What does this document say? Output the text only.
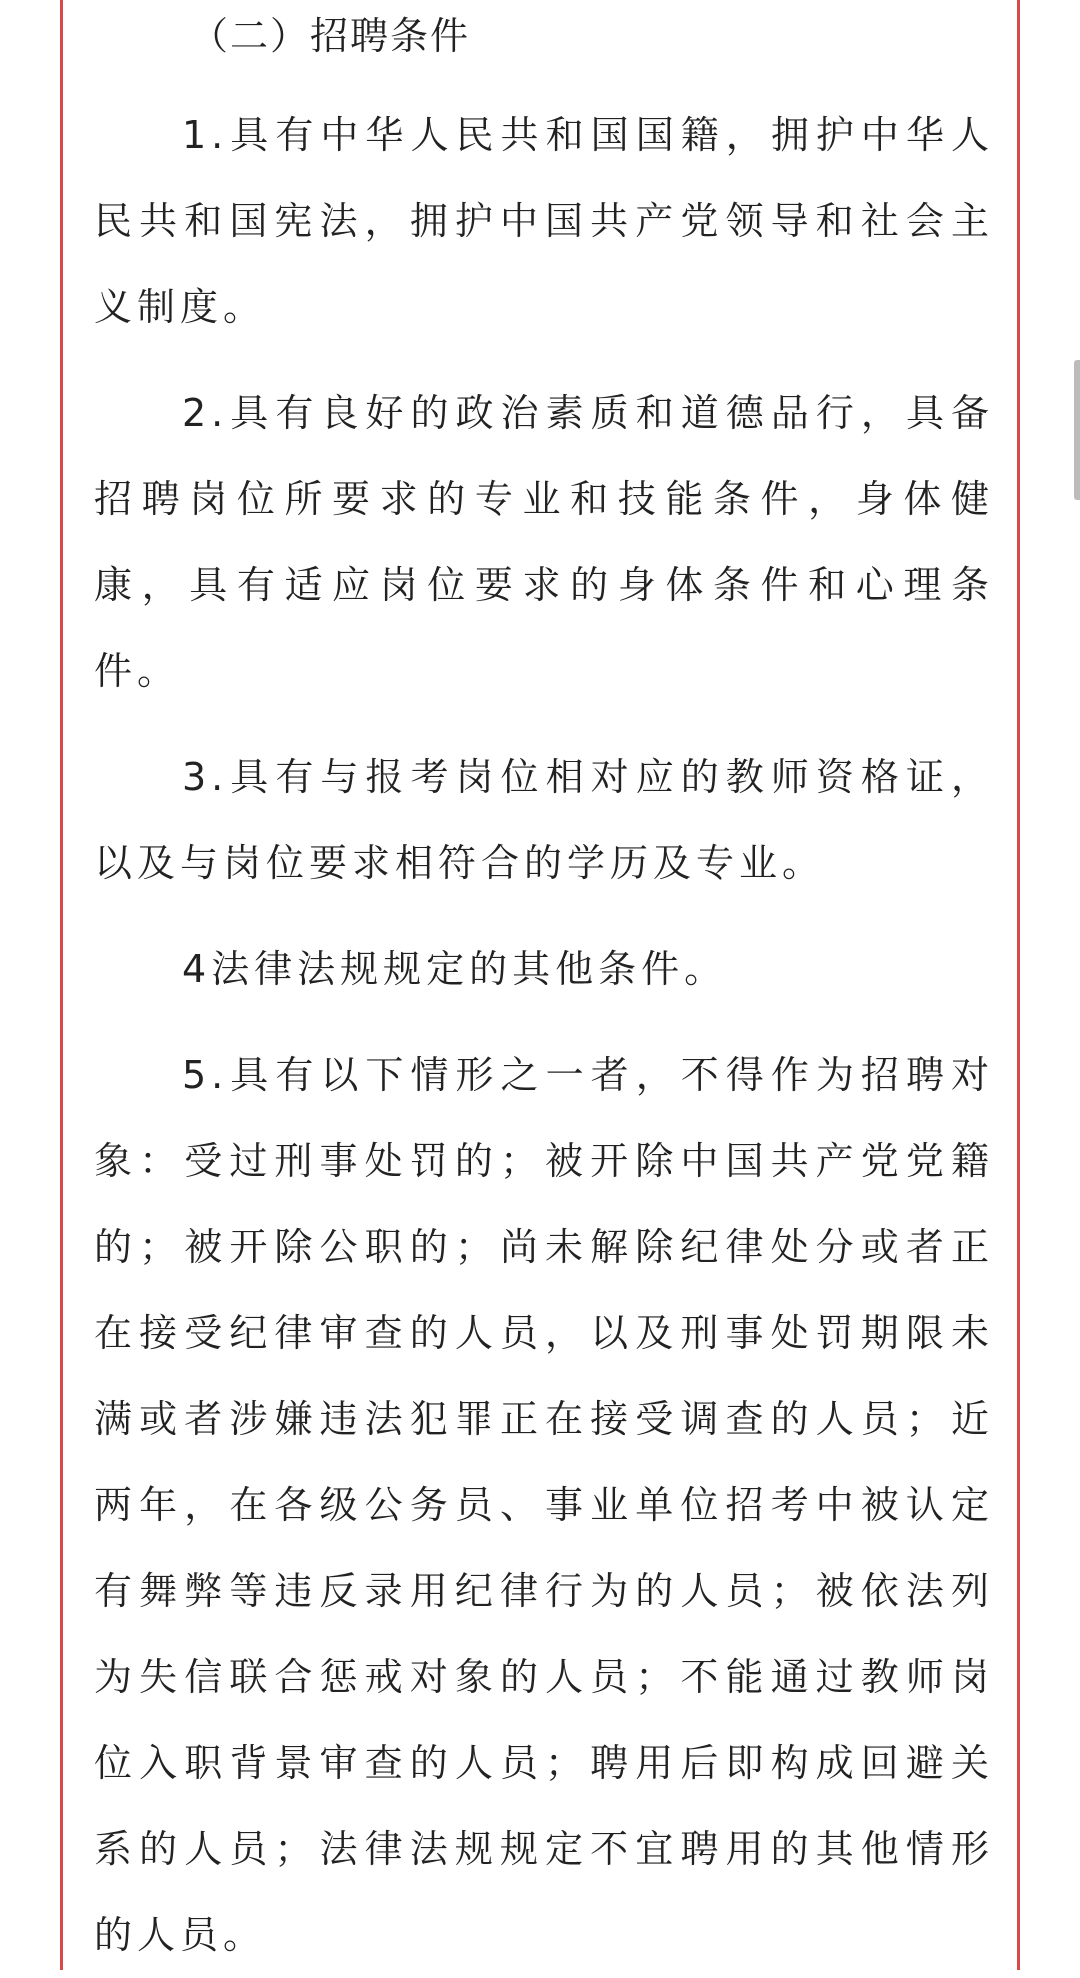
（二）招聘条件

1.具有中华人民共和国国籍，拥护中华人民共和国宪法，拥护中国共产党领导和社会主义制度。

2.具有良好的政治素质和道德品行，具备招聘岗位所要求的专业和技能条件，身体健康，具有适应岗位要求的身体条件和心理条件。

3.具有与报考岗位相对应的教师资格证，以及与岗位要求相符合的学历及专业。

4法律法规规定的其他条件。

5.具有以下情形之一者，不得作为招聘对象：受过刑事处罚的；被开除中国共产党党籍的；被开除公职的；尚未解除纪律处分或者正在接受纪律审查的人员，以及刑事处罚期限未满或者涉嫌违法犯罪正在接受调查的人员；近两年，在各级公务员、事业单位招考中被认定有舞弊等违反录用纪律行为的人员；被依法列为失信联合惩戒对象的人员；不能通过教师岗位入职背景审查的人员；聘用后即构成回避关系的人员；法律法规规定不宜聘用的其他情形的人员。
